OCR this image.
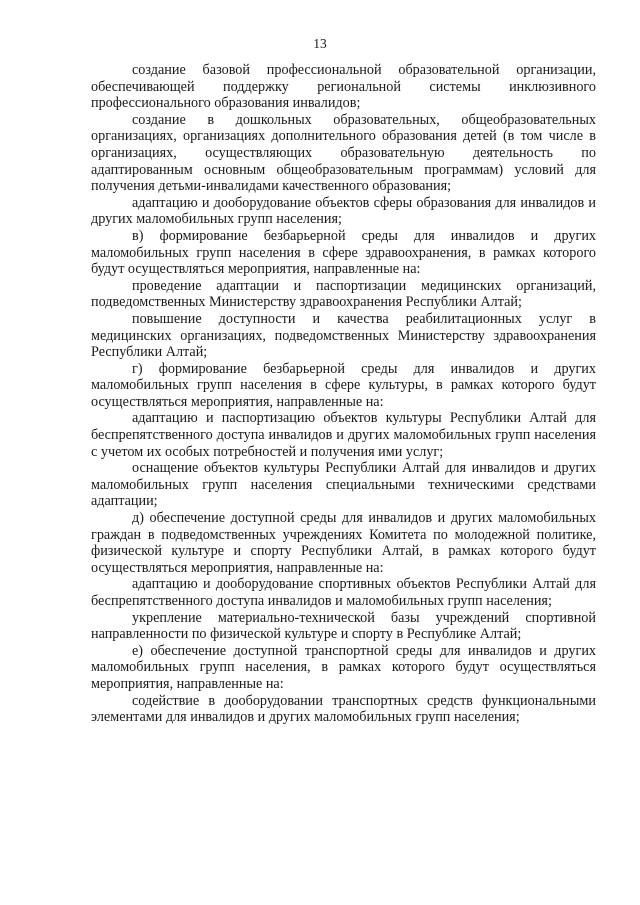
13

создание базовой профессиональной образовательной организации, обеспечивающей поддержку региональной системы инклюзивного профессионального образования инвалидов;

создание в дошкольных образовательных, общеобразовательных организациях, организациях дополнительного образования детей (в том числе в организациях, осуществляющих образовательную деятельность по адаптированным основным общеобразовательным программам) условий для получения детьми-инвалидами качественного образования;

адаптацию и дооборудование объектов сферы образования для инвалидов и других маломобильных групп населения;

в) формирование безбарьерной среды для инвалидов и других маломобильных групп населения в сфере здравоохранения, в рамках которого будут осуществляться мероприятия, направленные на:

проведение адаптации и паспортизации медицинских организаций, подведомственных Министерству здравоохранения Республики Алтай;

повышение доступности и качества реабилитационных услуг в медицинских организациях, подведомственных Министерству здравоохранения Республики Алтай;

г) формирование безбарьерной среды для инвалидов и других маломобильных групп населения в сфере культуры, в рамках которого будут осуществляться мероприятия, направленные на:

адаптацию и паспортизацию объектов культуры Республики Алтай для беспрепятственного доступа инвалидов и других маломобильных групп населения с учетом их особых потребностей и получения ими услуг;

оснащение объектов культуры Республики Алтай для инвалидов и других маломобильных групп населения специальными техническими средствами адаптации;

д) обеспечение доступной среды для инвалидов и других маломобильных граждан в подведомственных учреждениях Комитета по молодежной политике, физической культуре и спорту Республики Алтай, в рамках которого будут осуществляться мероприятия, направленные на:

адаптацию и дооборудование спортивных объектов Республики Алтай для беспрепятственного доступа инвалидов и маломобильных групп населения;

укрепление материально-технической базы учреждений спортивной направленности по физической культуре и спорту в Республике Алтай;

е) обеспечение доступной транспортной среды для инвалидов и других маломобильных групп населения, в рамках которого будут осуществляться мероприятия, направленные на:

содействие в дооборудовании транспортных средств функциональными элементами для инвалидов и других маломобильных групп населения;
